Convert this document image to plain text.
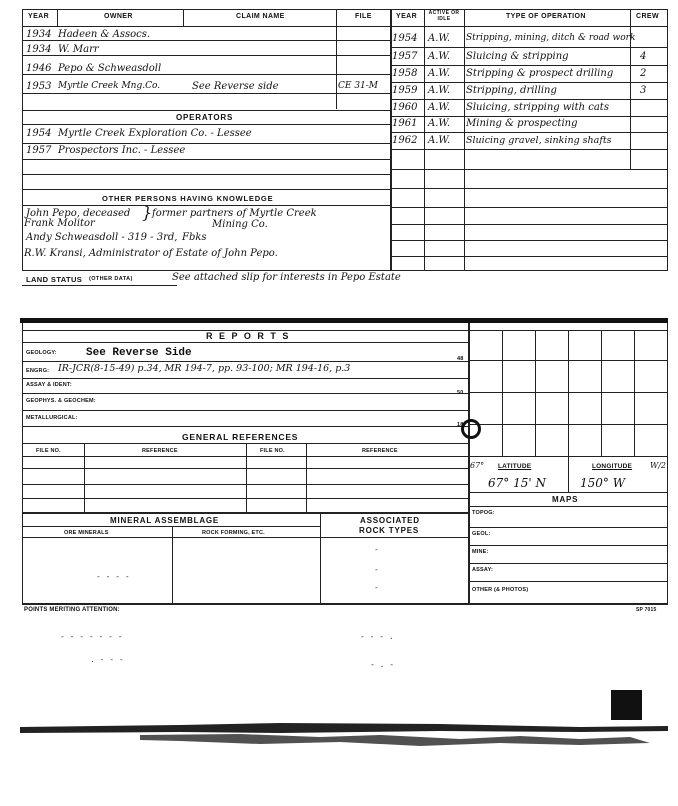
YEAR	OWNER	CLAIM NAME	FILE	YEAR ACTIVE OR IDLE	TYPE OF OPERATION	CREW
1934 Hadeen & Assocs.
1934 W. Marr
1946 Pepo & Schweasdoll
1953 Myrtle Creek Mng.Co.	See Reverse side	CE 31-M
OPERATORS
1954 Myrtle Creek Exploration Co. - Lessee
1957 Prospectors Inc. - Lessee
OTHER PERSONS HAVING KNOWLEDGE
John Pepo, deceased
Frank Molitor
Andy Schweasdoll - 319 - 3rd,
R.W. Kransi, Administrator of Estate of John Pepo.
} former partners of Myrtle Creek
Mining Co.
Fbks
1954 A.W. Stripping, mining, ditch & road work
1957 A.W. Sluicing & stripping	4
1958 A.W. Stripping & prospect drilling	2
1959 A.W. Stripping, drilling	3
1960 A.W. Sluicing, stripping with cats
1961 A.W. Mining & prospecting
1962 A.W. Sluicing gravel, sinking shafts
LAND STATUS (OTHER DATA)	See attached slip for interests in Pepo Estate
R E P O R T S
GEOLOGY:	See Reverse Side
ENGRG: IR-JCR(8-15-49) p.34, MR 194-7, pp. 93-100; MR 194-16, p.3
ASSAY & IDENT:
GEOPHYS. & GEOCHEM:
METALLURGICAL:
48
50
18
GENERAL REFERENCES
FILE NO.	REFERENCE	FILE NO.	REFERENCE
MINERAL ASSEMBLAGE	ASSOCIATED
ROCK TYPES
ORE MINERALS	ROCK FORMING, ETC.
- - - -
-
-
-
67° LATITUDE	LONGITUDE W/2
67° 15' N	150° W
MAPS
TOPOG:
GEOL:
MINE:
ASSAY:
OTHER (& PHOTOS)
POINTS MERITING ATTENTION:	SP 7015
- - - - - - -	- - - .
. - - -
- . -
